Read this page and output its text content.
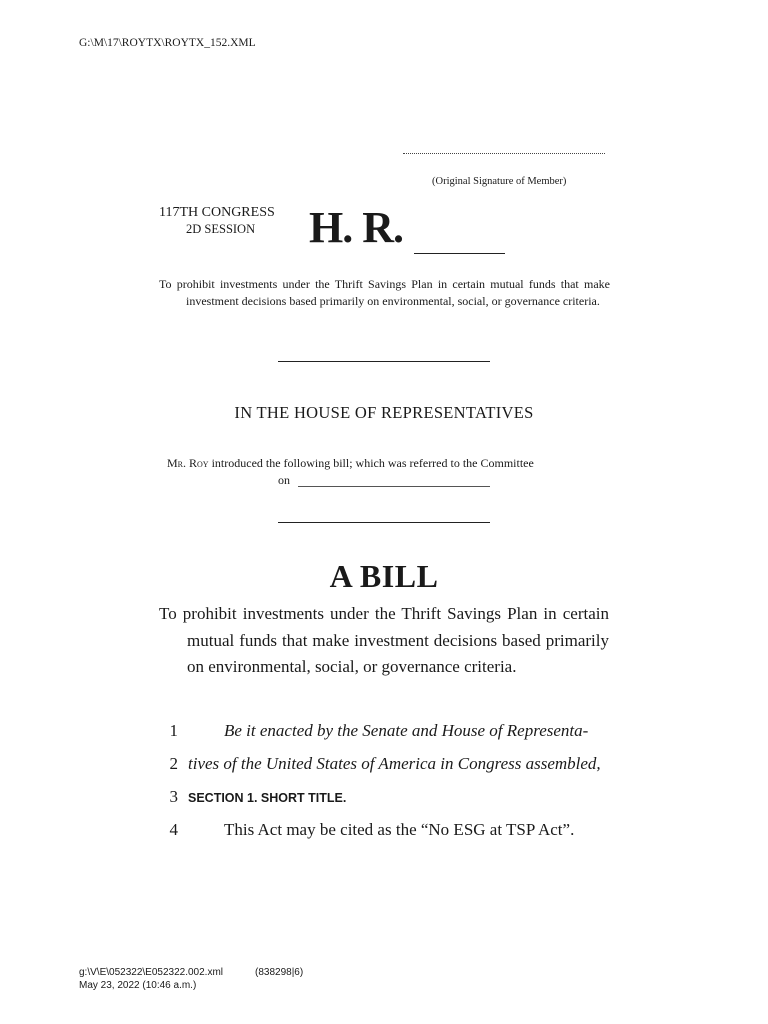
G:\M\17\ROYTX\ROYTX_152.XML
(Original Signature of Member)
117TH CONGRESS
2D SESSION H. R.
To prohibit investments under the Thrift Savings Plan in certain mutual funds that make investment decisions based primarily on environmental, social, or governance criteria.
IN THE HOUSE OF REPRESENTATIVES
Mr. Roy introduced the following bill; which was referred to the Committee
on
A BILL
To prohibit investments under the Thrift Savings Plan in certain mutual funds that make investment decisions based primarily on environmental, social, or governance criteria.
1	Be it enacted by the Senate and House of Representa-
2 tives of the United States of America in Congress assembled,
3 SECTION 1. SHORT TITLE.
4	This Act may be cited as the “No ESG at TSP Act”.
g:\V\E\052322\E052322.002.xml	(838298|6)
May 23, 2022 (10:46 a.m.)
